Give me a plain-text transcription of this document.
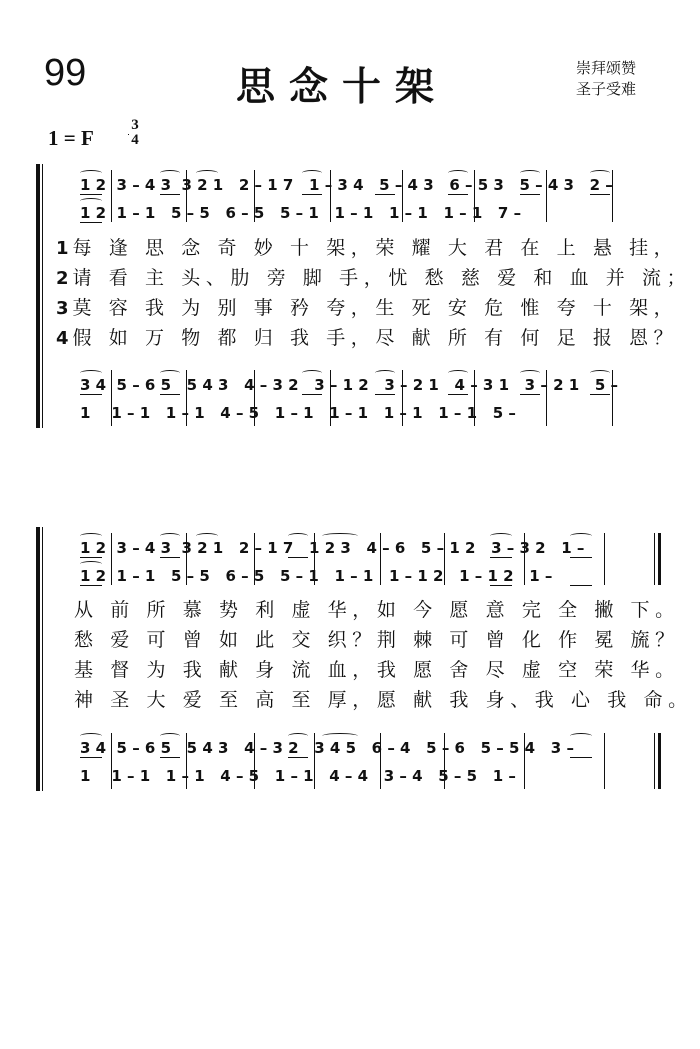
99	思念十架	崇拜颂赞
圣子受难
1 = F
3
4
1 2  3 – 4 3  3 2 1   2 – 1 7   1 – 3 4   5 – 4 3   6 – 5 3   5 – 4 3   2 –
1 2  1 – 1   5 – 5   6 – 5   5 – 1   1 – 1   1 – 1   1 – 1   7 –
1 每 逢 思 念 奇 妙 十 架，荣 耀 大 君 在 上 悬 挂，
2 请 看 主 头、肋 旁 脚 手，忧 愁 慈 爱 和 血 并 流；
3 莫 容 我 为 别 事 矜 夸，生 死 安 危 惟 夸 十 架，
4 假 如 万 物 都 归 我 手，尽 献 所 有 何 足 报 恩？
3 4  5 – 6 5   5 4 3   4 – 3 2   3 – 1 2   3 – 2 1   4 – 3 1   3 – 2 1   5 –
1    1 – 1   1 – 1   4 – 5   1 – 1   1 – 1   1 – 1   1 – 1   5 –
1 2  3 – 4 3  3 2 1   2 – 1 7   1 2 3   4 – 6   5 – 1 2   3 – 3 2   1 –
1 2  1 – 1   5 – 5   6 – 5   5 – 1   1 – 1   1 – 1 2   1 – 1 2   1 –
从 前 所 慕 势 利 虚 华，如 今 愿 意 完 全 撇 下。
愁 爱 可 曾 如 此 交 织？荆 棘 可 曾 化 作 冕 旒？
基 督 为 我 献 身 流 血，我 愿 舍 尽 虚 空 荣 华。
神 圣 大 爱 至 高 至 厚，愿 献 我 身、我 心 我 命。
3 4  5 – 6 5   5 4 3   4 – 3 2   3 4 5   6 – 4   5 – 6   5 – 5 4   3 –
1    1 – 1   1 – 1   4 – 5   1 – 1   4 – 4   3 – 4   5 – 5   1 –
